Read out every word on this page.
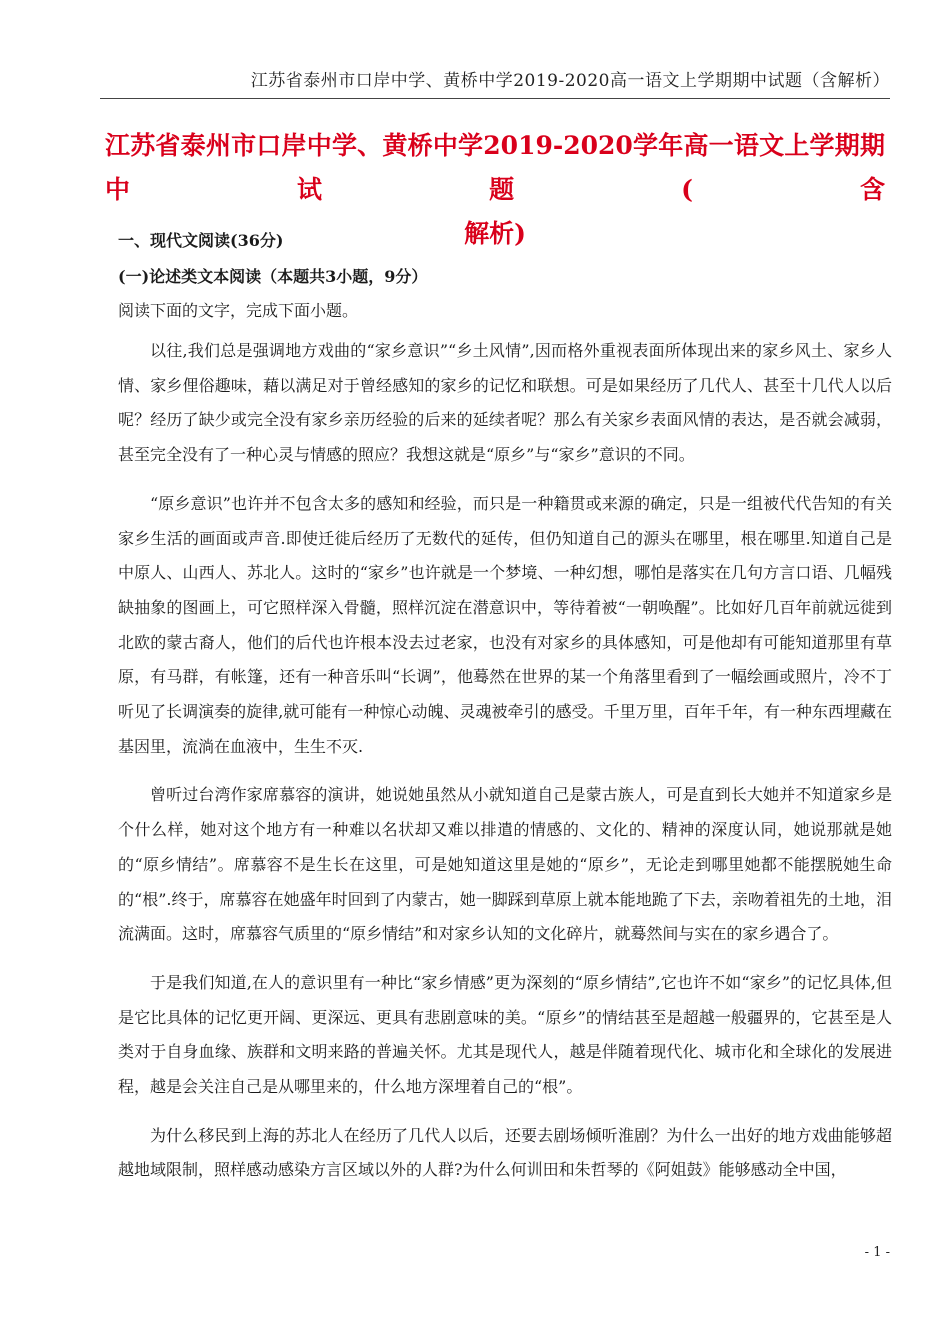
江苏省泰州市口岸中学、黄桥中学2019-2020高一语文上学期期中试题（含解析）
江苏省泰州市口岸中学、黄桥中学2019-2020学年高一语文上学期期中试题(含
解析)
一、现代文阅读(36分)
(一)论述类文本阅读（本题共3小题，9分）
阅读下面的文字，完成下面小题。

以往,我们总是强调地方戏曲的“家乡意识”“乡土风情”,因而格外重视表面所体现出来的家乡风土、家乡人情、家乡俚俗趣味，藉以满足对于曾经感知的家乡的记忆和联想。可是如果经历了几代人、甚至十几代人以后呢？经历了缺少或完全没有家乡亲历经验的后来的延续者呢？那么有关家乡表面风情的表达，是否就会减弱，甚至完全没有了一种心灵与情感的照应？我想这就是“原乡”与“家乡”意识的不同。

“原乡意识”也许并不包含太多的感知和经验，而只是一种籍贯或来源的确定，只是一组被代代告知的有关家乡生活的画面或声音.即使迁徙后经历了无数代的延传，但仍知道自己的源头在哪里，根在哪里.知道自己是中原人、山西人、苏北人。这时的“家乡”也许就是一个梦境、一种幻想，哪怕是落实在几句方言口语、几幅残缺抽象的图画上，可它照样深入骨髓，照样沉淀在潜意识中，等待着被“一朝唤醒”。比如好几百年前就远徙到北欧的蒙古裔人，他们的后代也许根本没去过老家，也没有对家乡的具体感知，可是他却有可能知道那里有草原，有马群，有帐篷，还有一种音乐叫“长调”，他蓦然在世界的某一个角落里看到了一幅绘画或照片，冷不丁听见了长调演奏的旋律,就可能有一种惊心动魄、灵魂被牵引的感受。千里万里，百年千年，有一种东西埋藏在基因里，流淌在血液中，生生不灭.

曾听过台湾作家席慕容的演讲，她说她虽然从小就知道自己是蒙古族人，可是直到长大她并不知道家乡是个什么样，她对这个地方有一种难以名状却又难以排遣的情感的、文化的、精神的深度认同，她说那就是她的“原乡情结”。席慕容不是生长在这里，可是她知道这里是她的“原乡”，无论走到哪里她都不能摆脱她生命的“根”.终于，席慕容在她盛年时回到了内蒙古，她一脚踩到草原上就本能地跪了下去，亲吻着祖先的土地，泪流满面。这时，席慕容气质里的“原乡情结”和对家乡认知的文化碎片，就蓦然间与实在的家乡遇合了。

于是我们知道,在人的意识里有一种比“家乡情感”更为深刻的“原乡情结”,它也许不如“家乡”的记忆具体,但是它比具体的记忆更开阔、更深远、更具有悲剧意味的美。“原乡”的情结甚至是超越一般疆界的，它甚至是人类对于自身血缘、族群和文明来路的普遍关怀。尤其是现代人，越是伴随着现代化、城市化和全球化的发展进程，越是会关注自己是从哪里来的，什么地方深埋着自己的“根”。

为什么移民到上海的苏北人在经历了几代人以后，还要去剧场倾听淮剧？为什么一出好的地方戏曲能够超越地域限制，照样感动感染方言区域以外的人群?为什么何训田和朱哲琴的《阿姐鼓》能够感动全中国，

- 1 -
